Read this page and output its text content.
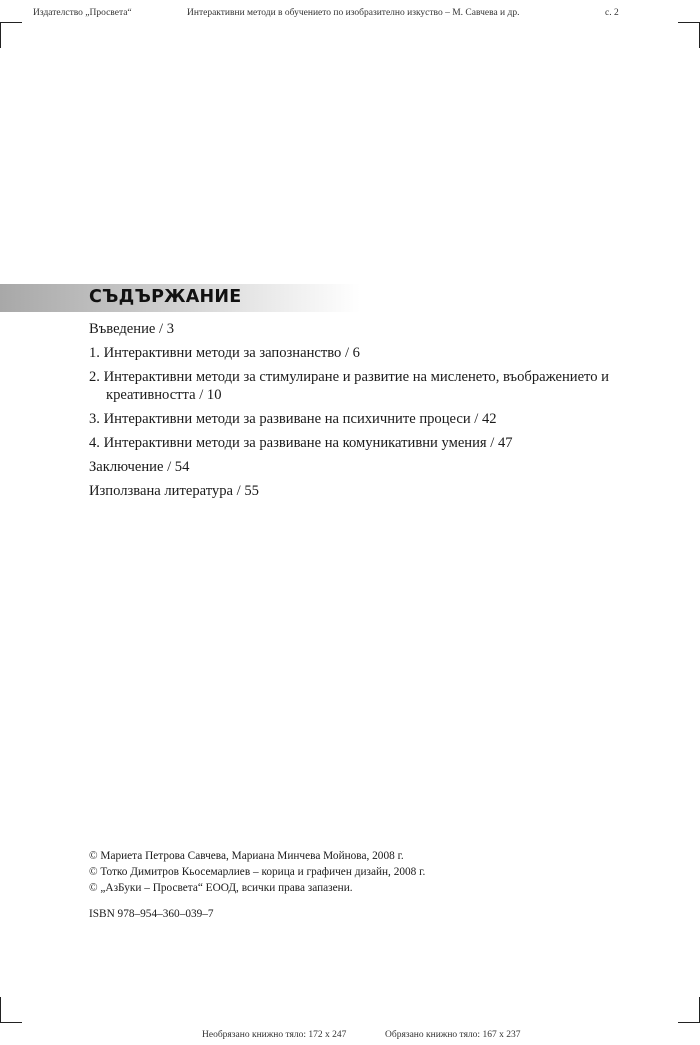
Издателство „Просвета“	Интерактивни методи в обучението по изобразително изкуство – М. Савчева и др.	с. 2
СЪДЪРЖАНИЕ
Въведение / 3
1. Интерактивни методи за запознанство / 6
2. Интерактивни методи за стимулиране и развитие на мисленето, въображението и креативността / 10
3. Интерактивни методи за развиване на психичните процеси / 42
4. Интерактивни методи за развиване на комуникативни умения / 47
Заключение / 54
Използвана литература / 55
© Мариета Петрова Савчева, Мариана Минчева Мойнова, 2008 г.
© Тотко Димитров Кьосемарлиев – корица и графичен дизайн, 2008 г.
© „АзБуки – Просвета“ ЕООД, всички права запазени.
ISBN 978–954–360–039–7
Необрязано книжно тяло: 172 x 247	Обрязано книжно тяло: 167 x 237
